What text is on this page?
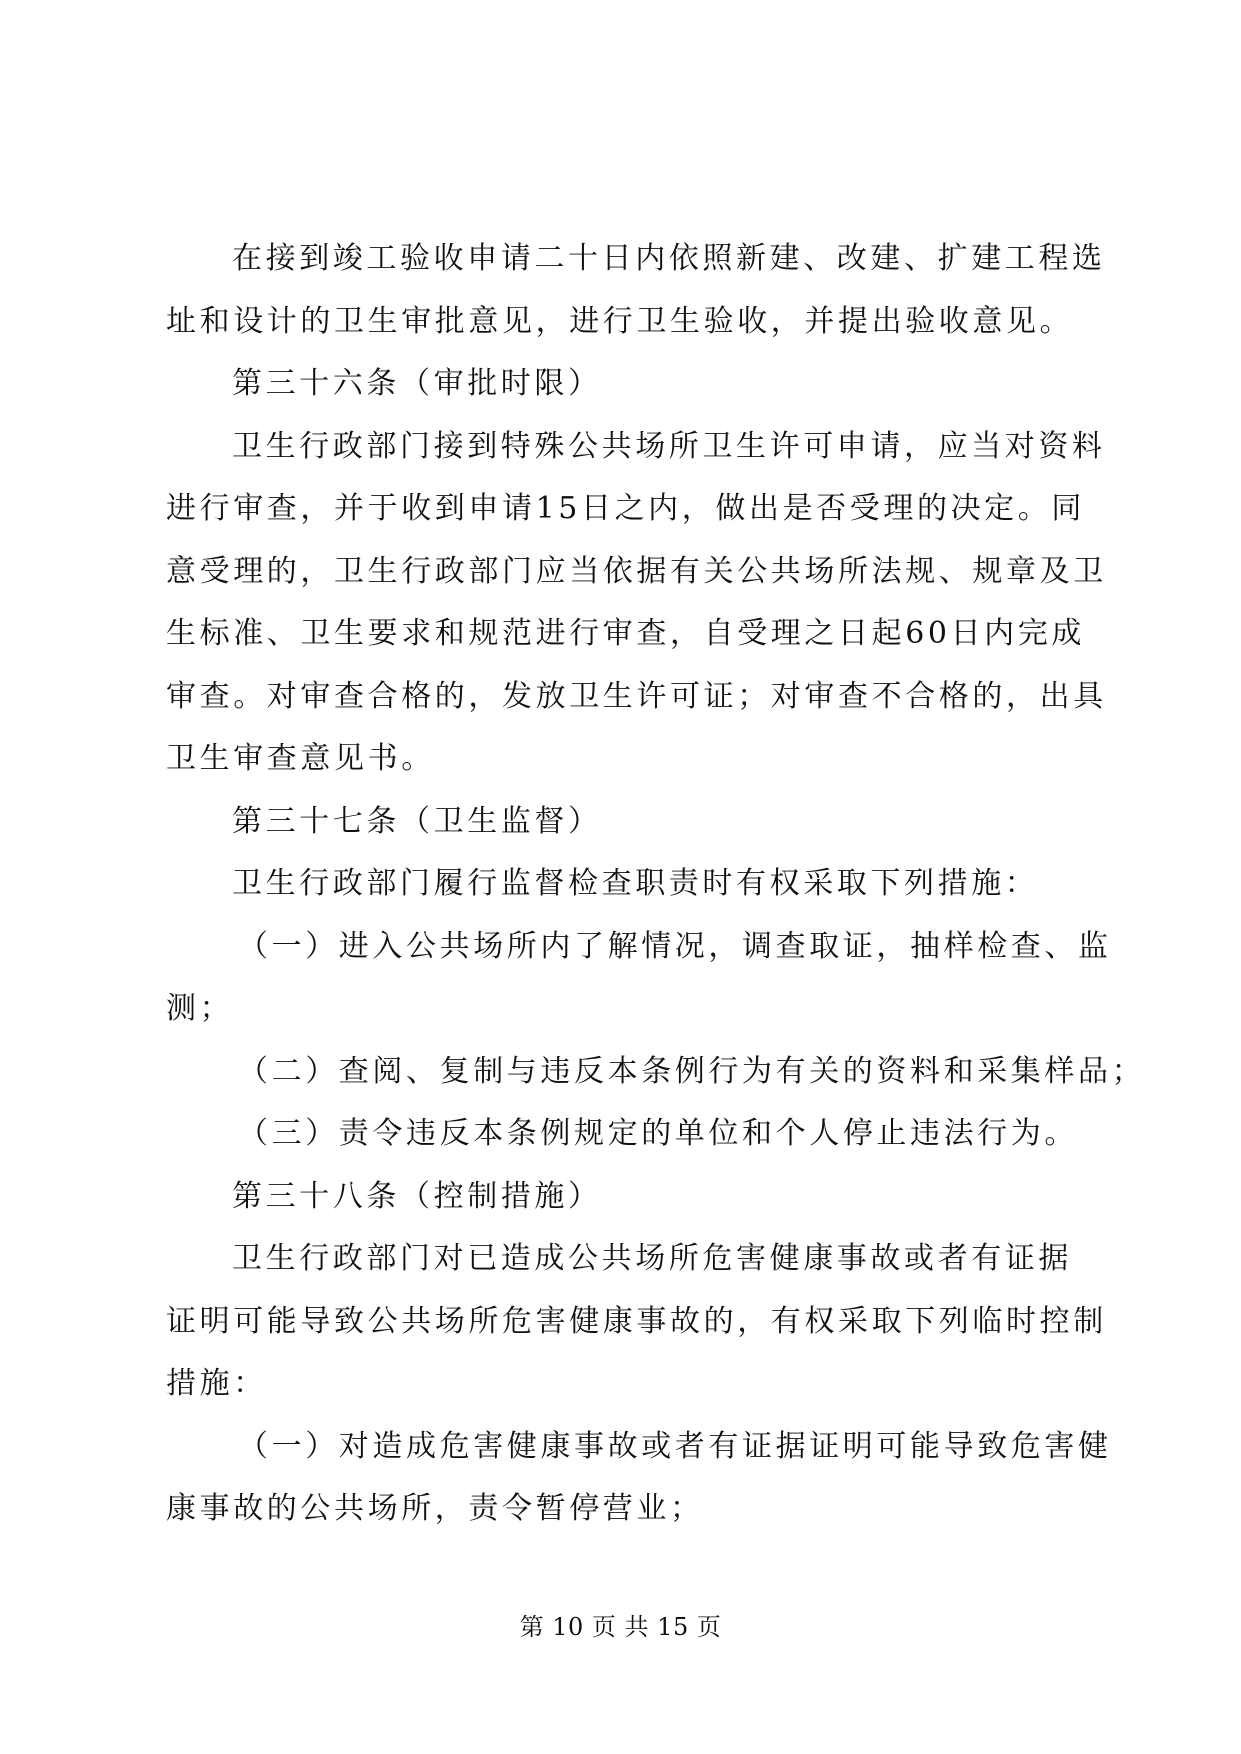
在接到竣工验收申请二十日内依照新建、改建、扩建工程选
址和设计的卫生审批意见，进行卫生验收，并提出验收意见。
第三十六条（审批时限）
卫生行政部门接到特殊公共场所卫生许可申请，应当对资料
进行审查，并于收到申请15日之内，做出是否受理的决定。同
意受理的，卫生行政部门应当依据有关公共场所法规、规章及卫
生标准、卫生要求和规范进行审查，自受理之日起60日内完成
审查。对审查合格的，发放卫生许可证；对审查不合格的，出具
卫生审查意见书。
第三十七条（卫生监督）
卫生行政部门履行监督检查职责时有权采取下列措施：
（一）进入公共场所内了解情况，调查取证，抽样检查、监
测；
（二）查阅、复制与违反本条例行为有关的资料和采集样品；
（三）责令违反本条例规定的单位和个人停止违法行为。
第三十八条（控制措施）
卫生行政部门对已造成公共场所危害健康事故或者有证据
证明可能导致公共场所危害健康事故的，有权采取下列临时控制
措施：
（一）对造成危害健康事故或者有证据证明可能导致危害健
康事故的公共场所，责令暂停营业；
第 10 页 共 15 页
